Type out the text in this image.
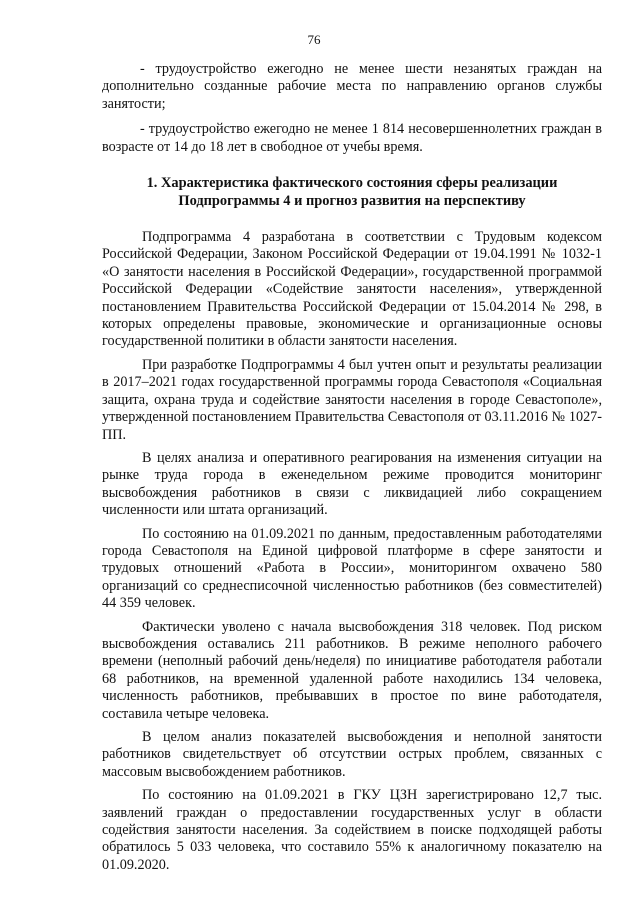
76

- трудоустройство ежегодно не менее шести незанятых граждан на дополнительно созданные рабочие места по направлению органов службы занятости;

- трудоустройство ежегодно не менее 1 814 несовершеннолетних граждан в возрасте от 14 до 18 лет в свободное от учебы время.

1. Характеристика фактического состояния сферы реализации Подпрограммы 4 и прогноз развития на перспективу

Подпрограмма 4 разработана в соответствии с Трудовым кодексом Российской Федерации, Законом Российской Федерации от 19.04.1991 № 1032-1 «О занятости населения в Российской Федерации», государственной программой Российской Федерации «Содействие занятости населения», утвержденной постановлением Правительства Российской Федерации от 15.04.2014 № 298, в которых определены правовые, экономические и организационные основы государственной политики в области занятости населения.

При разработке Подпрограммы 4 был учтен опыт и результаты реализации в 2017–2021 годах государственной программы города Севастополя «Социальная защита, охрана труда и содействие занятости населения в городе Севастополе», утвержденной постановлением Правительства Севастополя от 03.11.2016 № 1027-ПП.

В целях анализа и оперативного реагирования на изменения ситуации на рынке труда города в еженедельном режиме проводится мониторинг высвобождения работников в связи с ликвидацией либо сокращением численности или штата организаций.

По состоянию на 01.09.2021 по данным, предоставленным работодателями города Севастополя на Единой цифровой платформе в сфере занятости и трудовых отношений «Работа в России», мониторингом охвачено 580 организаций со среднесписочной численностью работников (без совместителей) 44 359 человек.

Фактически уволено с начала высвобождения 318 человек. Под риском высвобождения оставались 211 работников. В режиме неполного рабочего времени (неполный рабочий день/неделя) по инициативе работодателя работали 68 работников, на временной удаленной работе находились 134 человека, численность работников, пребывавших в простое по вине работодателя, составила четыре человека.

В целом анализ показателей высвобождения и неполной занятости работников свидетельствует об отсутствии острых проблем, связанных с массовым высвобождением работников.

По состоянию на 01.09.2021 в ГКУ ЦЗН зарегистрировано 12,7 тыс. заявлений граждан о предоставлении государственных услуг в области содействия занятости населения. За содействием в поиске подходящей работы обратилось 5 033 человека, что составило 55% к аналогичному показателю на 01.09.2020.
